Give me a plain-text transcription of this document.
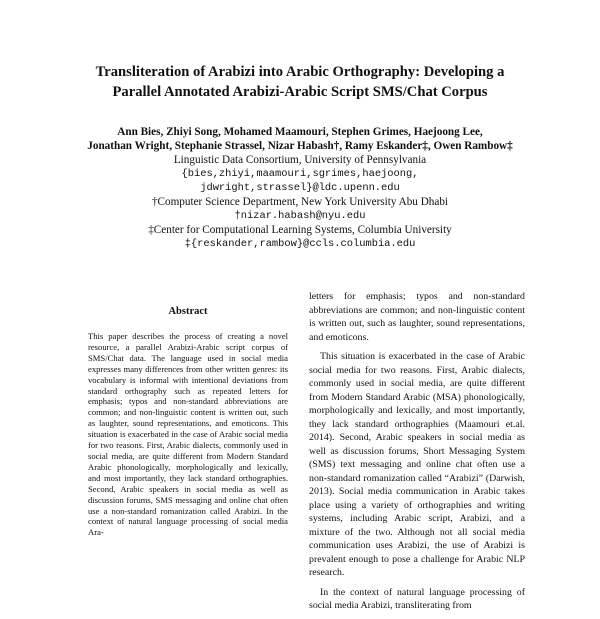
Transliteration of Arabizi into Arabic Orthography: Developing a
Parallel Annotated Arabizi-Arabic Script SMS/Chat Corpus
Ann Bies, Zhiyi Song, Mohamed Maamouri, Stephen Grimes, Haejoong Lee,
Jonathan Wright, Stephanie Strassel, Nizar Habash†, Ramy Eskander‡, Owen Rambow‡
Linguistic Data Consortium, University of Pennsylvania
{bies,zhiyi,maamouri,sgrimes,haejoong,
jdwright,strassel}@ldc.upenn.edu
†Computer Science Department, New York University Abu Dhabi
†nizar.habash@nyu.edu
‡Center for Computational Learning Systems, Columbia University
‡{reskander,rambow}@ccls.columbia.edu
Abstract

This paper describes the process of creating a novel resource, a parallel Arabizi-Arabic script corpus of SMS/Chat data. The language used in social media expresses many differences from other written genres: its vocabulary is informal with intentional deviations from standard orthography such as repeated letters for emphasis; typos and non-standard abbreviations are common; and non-linguistic content is written out, such as laughter, sound representations, and emoticons. This situation is exacerbated in the case of Arabic social media for two reasons. First, Arabic dialects, commonly used in social media, are quite different from Modern Standard Arabic phonologically, morphologically and lexically, and most importantly, they lack standard orthographies. Second, Arabic speakers in social media as well as discussion forums, SMS messaging and online chat often use a non-standard romanization called Arabizi. In the context of natural language processing of social media Ara-

letters for emphasis; typos and non-standard abbreviations are common; and non-linguistic content is written out, such as laughter, sound representations, and emoticons.

This situation is exacerbated in the case of Arabic social media for two reasons. First, Arabic dialects, commonly used in social media, are quite different from Modern Standard Arabic (MSA) phonologically, morphologically and lexically, and most importantly, they lack standard orthographies (Maamouri et.al. 2014). Second, Arabic speakers in social media as well as discussion forums, Short Messaging System (SMS) text messaging and online chat often use a non-standard romanization called “Arabizi” (Darwish, 2013). Social media communication in Arabic takes place using a variety of orthographies and writing systems, including Arabic script, Arabizi, and a mixture of the two. Although not all social media communication uses Arabizi, the use of Arabizi is prevalent enough to pose a challenge for Arabic NLP research.

In the context of natural language processing of social media Arabizi, transliterating from
